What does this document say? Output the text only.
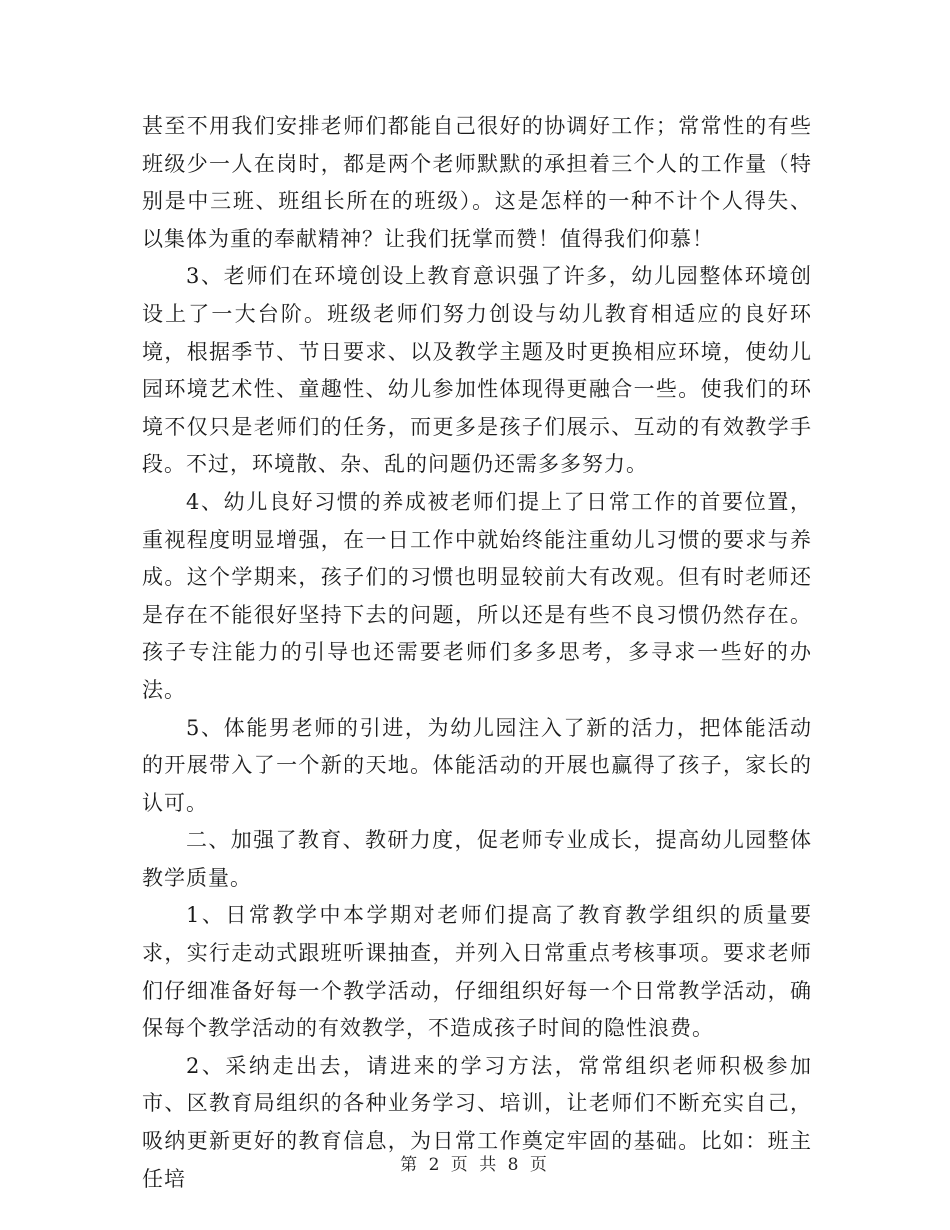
甚至不用我们安排老师们都能自己很好的协调好工作；常常性的有些班级少一人在岗时，都是两个老师默默的承担着三个人的工作量（特别是中三班、班组长所在的班级）。这是怎样的一种不计个人得失、以集体为重的奉献精神？让我们抚掌而赞！值得我们仰慕！

3、老师们在环境创设上教育意识强了许多，幼儿园整体环境创设上了一大台阶。班级老师们努力创设与幼儿教育相适应的良好环境，根据季节、节日要求、以及教学主题及时更换相应环境，使幼儿园环境艺术性、童趣性、幼儿参加性体现得更融合一些。使我们的环境不仅只是老师们的任务，而更多是孩子们展示、互动的有效教学手段。不过，环境散、杂、乱的问题仍还需多多努力。

4、幼儿良好习惯的养成被老师们提上了日常工作的首要位置，重视程度明显增强，在一日工作中就始终能注重幼儿习惯的要求与养成。这个学期来，孩子们的习惯也明显较前大有改观。但有时老师还是存在不能很好坚持下去的问题，所以还是有些不良习惯仍然存在。孩子专注能力的引导也还需要老师们多多思考，多寻求一些好的办法。

5、体能男老师的引进，为幼儿园注入了新的活力，把体能活动的开展带入了一个新的天地。体能活动的开展也赢得了孩子，家长的认可。

二、加强了教育、教研力度，促老师专业成长，提高幼儿园整体教学质量。

1、日常教学中本学期对老师们提高了教育教学组织的质量要求，实行走动式跟班听课抽查，并列入日常重点考核事项。要求老师们仔细准备好每一个教学活动，仔细组织好每一个日常教学活动，确保每个教学活动的有效教学，不造成孩子时间的隐性浪费。

2、采纳走出去，请进来的学习方法，常常组织老师积极参加市、区教育局组织的各种业务学习、培训，让老师们不断充实自己，吸纳更新更好的教育信息，为日常工作奠定牢固的基础。比如：班主任培

第 2 页 共 8 页
